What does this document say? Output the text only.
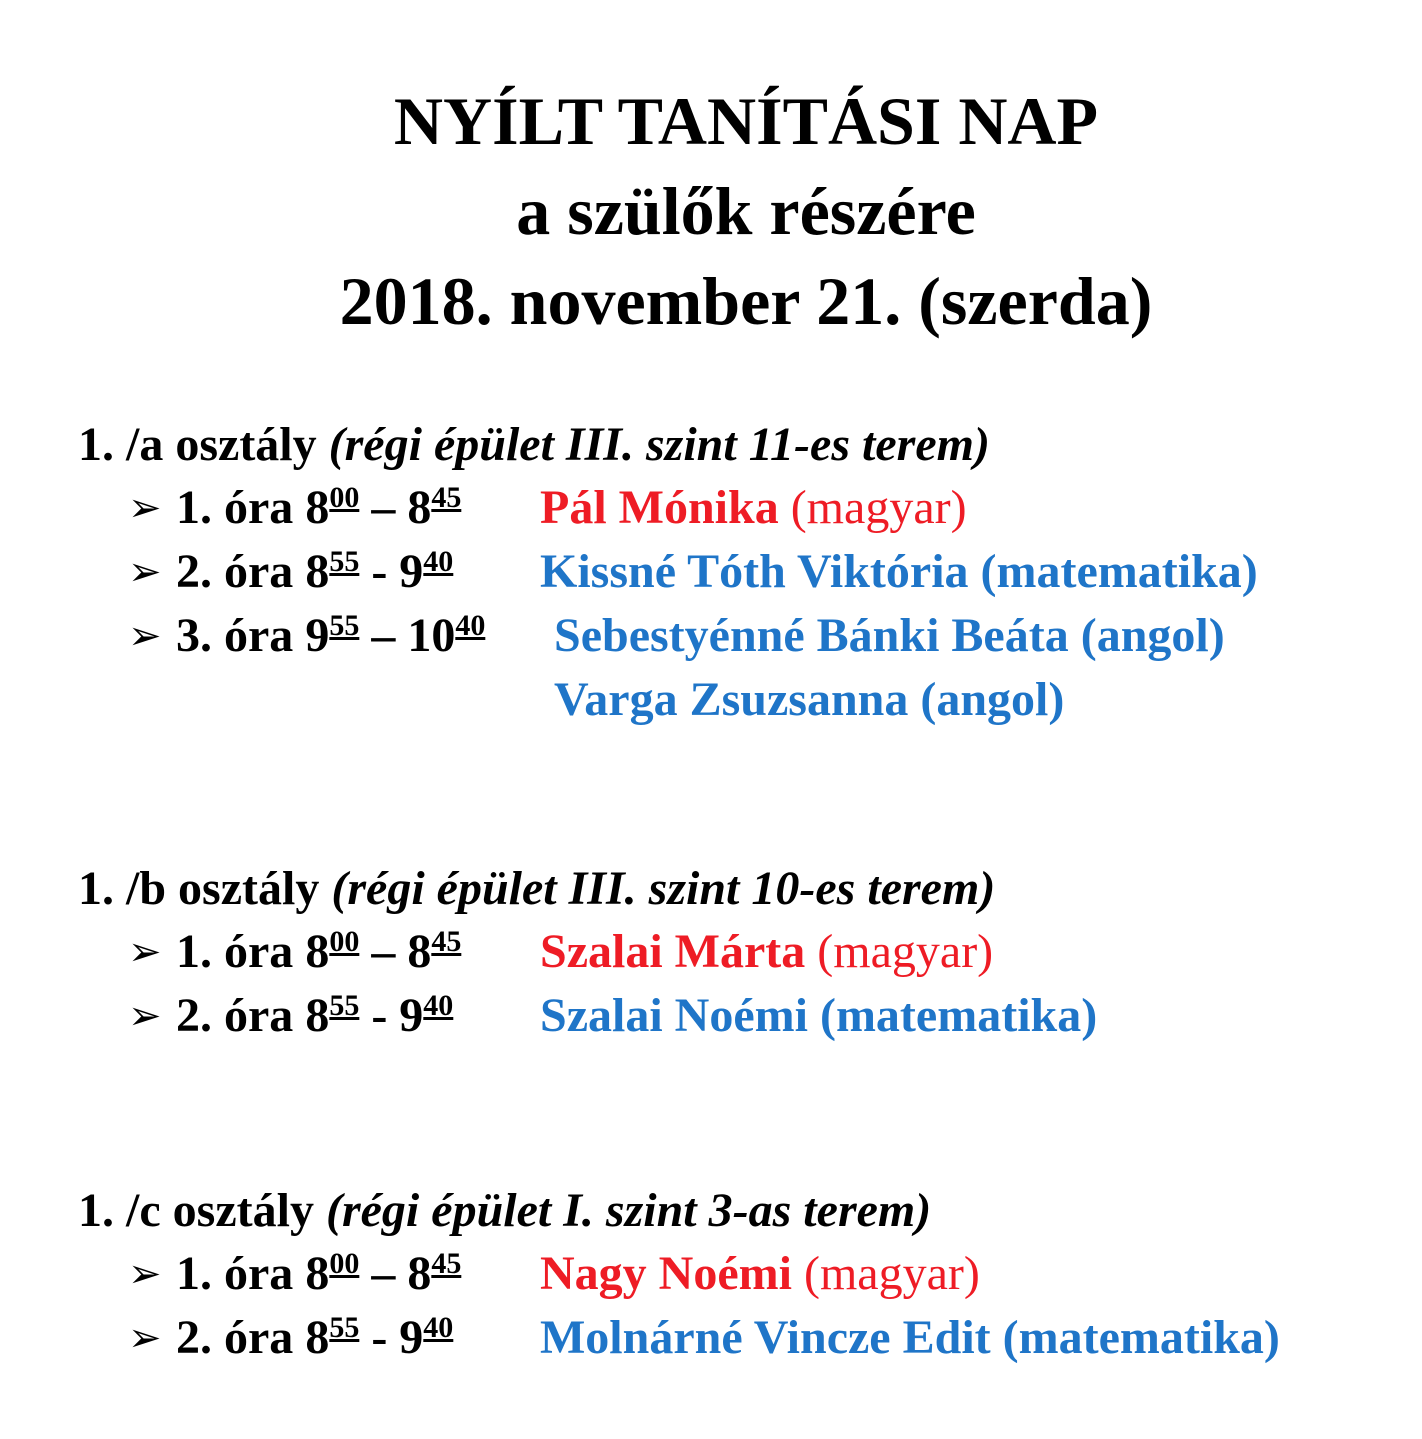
NYÍLT TANÍTÁSI NAP
a szülők részére
2018. november 21. (szerda)
1. /a osztály (régi épület III. szint 11-es terem)
➢ 1. óra $8^{00} - 8^{45}$ Pál Mónika (magyar)
➢ 2. óra $8^{55} - 9^{40}$ Kissné Tóth Viktória (matematika)
➢ 3. óra $9^{55} - 10^{40}$ Sebestyénné Bánki Beáta (angol)
Varga Zsuzsanna (angol)
1. /b osztály (régi épület III. szint 10-es terem)
➢ 1. óra $8^{00} - 8^{45}$ Szalai Márta (magyar)
➢ 2. óra $8^{55} - 9^{40}$ Szalai Noémi (matematika)
1. /c osztály (régi épület I. szint 3-as terem)
➢ 1. óra $8^{00} - 8^{45}$ Nagy Noémi (magyar)
➢ 2. óra $8^{55} - 9^{40}$ Molnárné Vincze Edit (matematika)
